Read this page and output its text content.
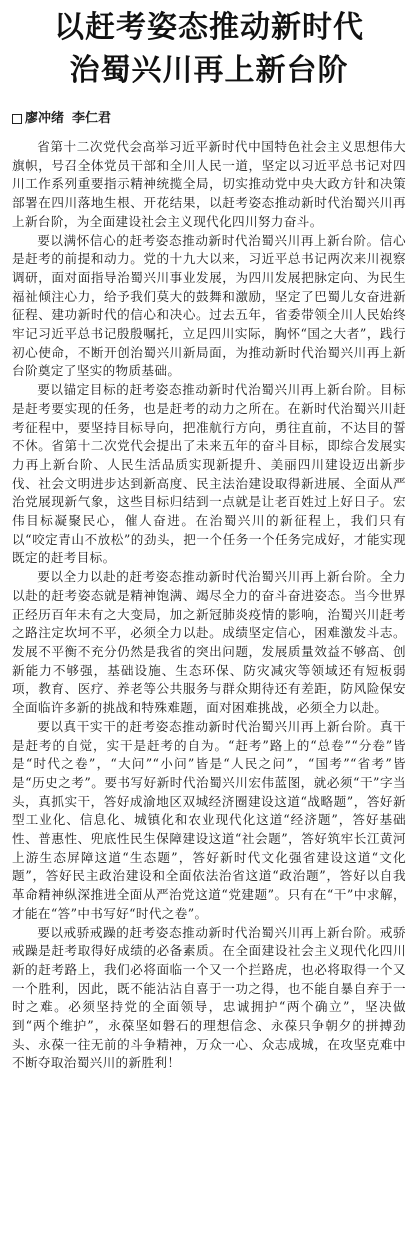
以赶考姿态推动新时代
治蜀兴川再上新台阶
廖冲绪 李仁君

省第十二次党代会高举习近平新时代中国特色社会主义思想伟大旗帜，号召全体党员干部和全川人民一道，坚定以习近平总书记对四川工作系列重要指示精神统揽全局，切实推动党中央大政方针和决策部署在四川落地生根、开花结果，以赶考姿态推动新时代治蜀兴川再上新台阶，为全面建设社会主义现代化四川努力奋斗。

要以满怀信心的赶考姿态推动新时代治蜀兴川再上新台阶。信心是赶考的前提和动力。党的十九大以来，习近平总书记两次来川视察调研，面对面指导治蜀兴川事业发展，为四川发展把脉定向、为民生福祉倾注心力，给予我们莫大的鼓舞和激励，坚定了巴蜀儿女奋进新征程、建功新时代的信心和决心。过去五年，省委带领全川人民始终牢记习近平总书记殷殷嘱托，立足四川实际，胸怀“国之大者”，践行初心使命，不断开创治蜀兴川新局面，为推动新时代治蜀兴川再上新台阶奠定了坚实的物质基础。

要以锚定目标的赶考姿态推动新时代治蜀兴川再上新台阶。目标是赶考要实现的任务，也是赶考的动力之所在。在新时代治蜀兴川赶考征程中，要坚持目标导向，把准航行方向，勇往直前，不达目的誓不休。省第十二次党代会提出了未来五年的奋斗目标，即综合发展实力再上新台阶、人民生活品质实现新提升、美丽四川建设迈出新步伐、社会文明进步达到新高度、民主法治建设取得新进展、全面从严治党展现新气象，这些目标归结到一点就是让老百姓过上好日子。宏伟目标凝聚民心，催人奋进。在治蜀兴川的新征程上，我们只有以“咬定青山不放松”的劲头，把一个任务一个任务完成好，才能实现既定的赶考目标。

要以全力以赴的赶考姿态推动新时代治蜀兴川再上新台阶。全力以赴的赶考姿态就是精神饱满、竭尽全力的奋斗奋进姿态。当今世界正经历百年未有之大变局，加之新冠肺炎疫情的影响，治蜀兴川赶考之路注定坎坷不平，必须全力以赴。成绩坚定信心，困难激发斗志。发展不平衡不充分仍然是我省的突出问题，发展质量效益不够高、创新能力不够强，基础设施、生态环保、防灾减灾等领域还有短板弱项，教育、医疗、养老等公共服务与群众期待还有差距，防风险保安全面临许多新的挑战和特殊难题，面对困难挑战，必须全力以赴。

要以真干实干的赶考姿态推动新时代治蜀兴川再上新台阶。真干是赶考的自觉，实干是赶考的自为。“赶考”路上的“总卷”“分卷”皆是“时代之卷”，“大问”“小问”皆是“人民之问”，“国考”“省考”皆是“历史之考”。要书写好新时代治蜀兴川宏伟蓝图，就必须“干”字当头，真抓实干，答好成渝地区双城经济圈建设这道“战略题”，答好新型工业化、信息化、城镇化和农业现代化这道“经济题”，答好基础性、普惠性、兜底性民生保障建设这道“社会题”，答好筑牢长江黄河上游生态屏障这道“生态题”，答好新时代文化强省建设这道“文化题”，答好民主政治建设和全面依法治省这道“政治题”，答好以自我革命精神纵深推进全面从严治党这道“党建题”。只有在“干”中求解，才能在“答”中书写好“时代之卷”。

要以戒骄戒躁的赶考姿态推动新时代治蜀兴川再上新台阶。戒骄戒躁是赶考取得好成绩的必备素质。在全面建设社会主义现代化四川新的赶考路上，我们必将面临一个又一个拦路虎，也必将取得一个又一个胜利，因此，既不能沾沾自喜于一功之得，也不能自暴自弃于一时之难。必须坚持党的全面领导，忠诚拥护“两个确立”，坚决做到“两个维护”，永葆坚如磐石的理想信念、永葆只争朝夕的拼搏劲头、永葆一往无前的斗争精神，万众一心、众志成城，在攻坚克难中不断夺取治蜀兴川的新胜利！
